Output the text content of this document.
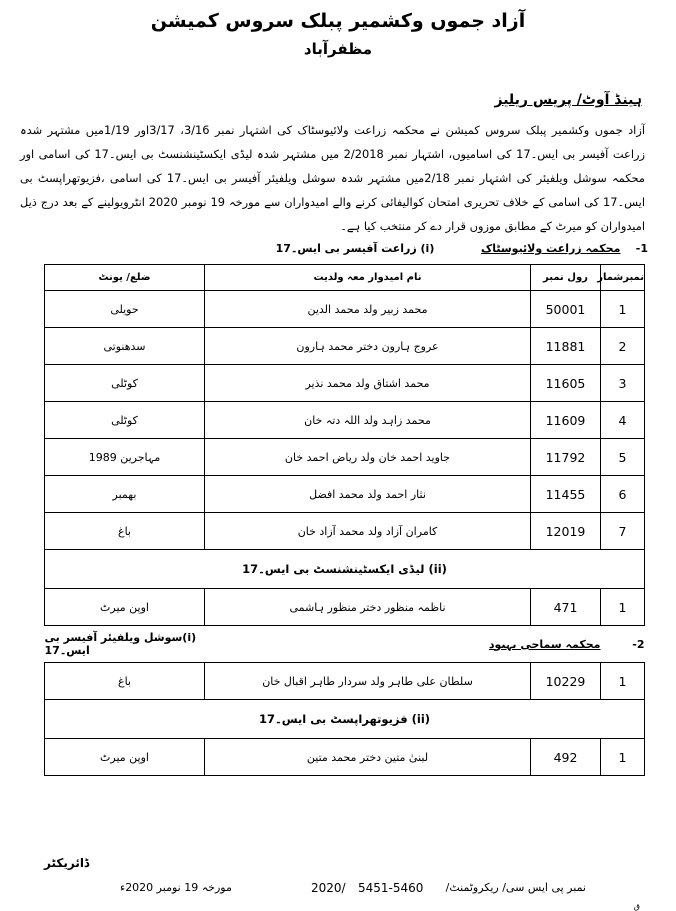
آزاد جموں وکشمیر پبلک سروس کمیشن
مظفرآباد
ہینڈ آوٹ/ پریس ریلیز
آزاد جموں وکشمیر پبلک سروس کمیشن نے محکمہ زراعت ولائیوسٹاک کی اشتہار نمبر 3/16، 3/17اور 1/19میں مشتہر شدہ زراعت آفیسر بی ایس۔17 کی اسامیوں، اشتہار نمبر 2/2018 میں مشتہر شدہ لیڈی ایکسٹینشنسٹ بی ایس۔17 کی اسامی اور محکمہ سوشل ویلفیئر کی اشتہار نمبر 2/18میں مشتہر شدہ سوشل ویلفیئر آفیسر بی ایس۔17 کی اسامی ،فزیوتھراپسٹ بی ایس۔17 کی اسامی کے خلاف تحریری امتحان کوالیفائی کرنے والے امیدواران سے مورخہ 19 نومبر 2020 انٹرویولینے کے بعد درج ذیل امیدواران کو میرٹ کے مطابق موزوں قرار دے کر منتخب کیا ہے۔
1-    محکمہ زراعت ولائیوسٹاک
(i) زراعت آفیسر بی ایس۔17
نمبرشمار	رول نمبر	نام امیدوار معہ ولدیت	ضلع/ یونٹ
1	50001	محمد زبیر ولد محمد الدین	حویلی
2	11881	عروج ہارون دختر محمد ہارون	سدھنوتی
3	11605	محمد اشتاق ولد محمد نذیر	کوٹلی
4	11609	محمد زاہد ولد اللہ دتہ خان	کوٹلی
5	11792	جاوید احمد خان ولد ریاض احمد خان	مہاجرین 1989
6	11455	نثار احمد ولد محمد افضل	بھمبر
7	12019	کامران آزاد ولد محمد آزاد خان	باغ
(ii) لیڈی ایکسٹینشنسٹ بی ایس۔17			
1	471	ناظمہ منظور دختر منظور ہاشمی	اوپن میرٹ
2-	محکمہ سماجی بہبود		(i)سوشل ویلفیئر آفیسر بی ایس۔17
1	10229	سلطان علی طاہر ولد سردار طاہر اقبال خان	باغ
(ii) فزیوتھراپسٹ بی ایس۔17			
1	492	لبنیٰ متین دختر محمد متین	اوپن میرٹ
ڈائریکٹر
نمبر پی ایس سی/ ریکروٹمنٹ/
5451-5460
2020/
مورخہ 19 نومبر 2020ء
ق
